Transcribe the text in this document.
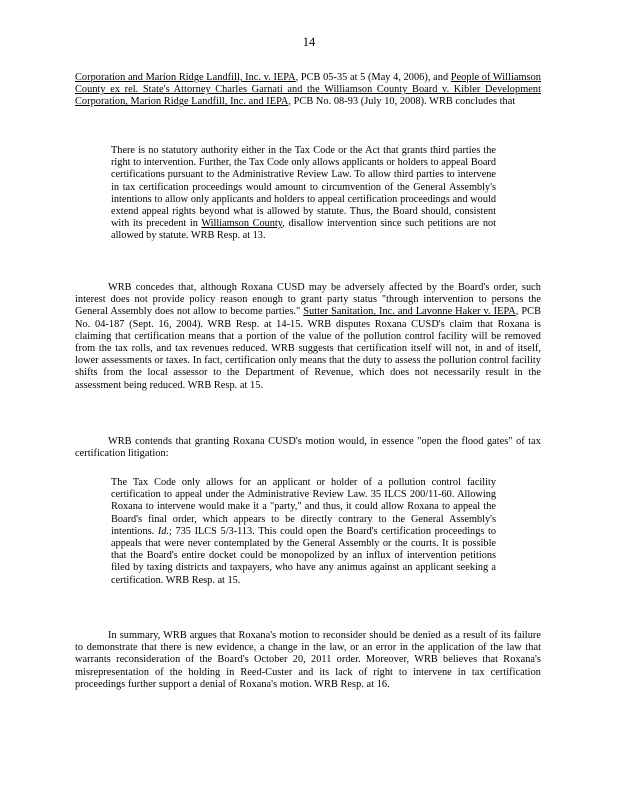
14

Corporation and Marion Ridge Landfill, Inc. v. IEPA, PCB 05-35 at 5 (May 4, 2006), and People of Williamson County ex rel. State's Attorney Charles Garnati and the Williamson County Board v. Kibler Development Corporation, Marion Ridge Landfill, Inc. and IEPA, PCB No. 08-93 (July 10, 2008). WRB concludes that

There is no statutory authority either in the Tax Code or the Act that grants third parties the right to intervention. Further, the Tax Code only allows applicants or holders to appeal Board certifications pursuant to the Administrative Review Law. To allow third parties to intervene in tax certification proceedings would amount to circumvention of the General Assembly's intentions to allow only applicants and holders to appeal certification proceedings and would extend appeal rights beyond what is allowed by statute. Thus, the Board should, consistent with its precedent in Williamson County, disallow intervention since such petitions are not allowed by statute. WRB Resp. at 13.

WRB concedes that, although Roxana CUSD may be adversely affected by the Board's order, such interest does not provide policy reason enough to grant party status "through intervention to persons the General Assembly does not allow to become parties." Sutter Sanitation, Inc. and Lavonne Haker v. IEPA, PCB No. 04-187 (Sept. 16, 2004). WRB Resp. at 14-15. WRB disputes Roxana CUSD's claim that Roxana is claiming that certification means that a portion of the value of the pollution control facility will be removed from the tax rolls, and tax revenues reduced. WRB suggests that certification itself will not, in and of itself, lower assessments or taxes. In fact, certification only means that the duty to assess the pollution control facility shifts from the local assessor to the Department of Revenue, which does not necessarily result in the assessment being reduced. WRB Resp. at 15.

WRB contends that granting Roxana CUSD's motion would, in essence "open the flood gates" of tax certification litigation:

The Tax Code only allows for an applicant or holder of a pollution control facility certification to appeal under the Administrative Review Law. 35 ILCS 200/11-60. Allowing Roxana to intervene would make it a "party," and thus, it could allow Roxana to appeal the Board's final order, which appears to be directly contrary to the General Assembly's intentions. Id.; 735 ILCS 5/3-113. This could open the Board's certification proceedings to appeals that were never contemplated by the General Assembly or the courts. It is possible that the Board's entire docket could be monopolized by an influx of intervention petitions filed by taxing districts and taxpayers, who have any animus against an applicant seeking a certification. WRB Resp. at 15.

In summary, WRB argues that Roxana's motion to reconsider should be denied as a result of its failure to demonstrate that there is new evidence, a change in the law, or an error in the application of the law that warrants reconsideration of the Board's October 20, 2011 order. Moreover, WRB believes that Roxana's misrepresentation of the holding in Reed-Custer and its lack of right to intervene in tax certification proceedings further support a denial of Roxana's motion. WRB Resp. at 16.
